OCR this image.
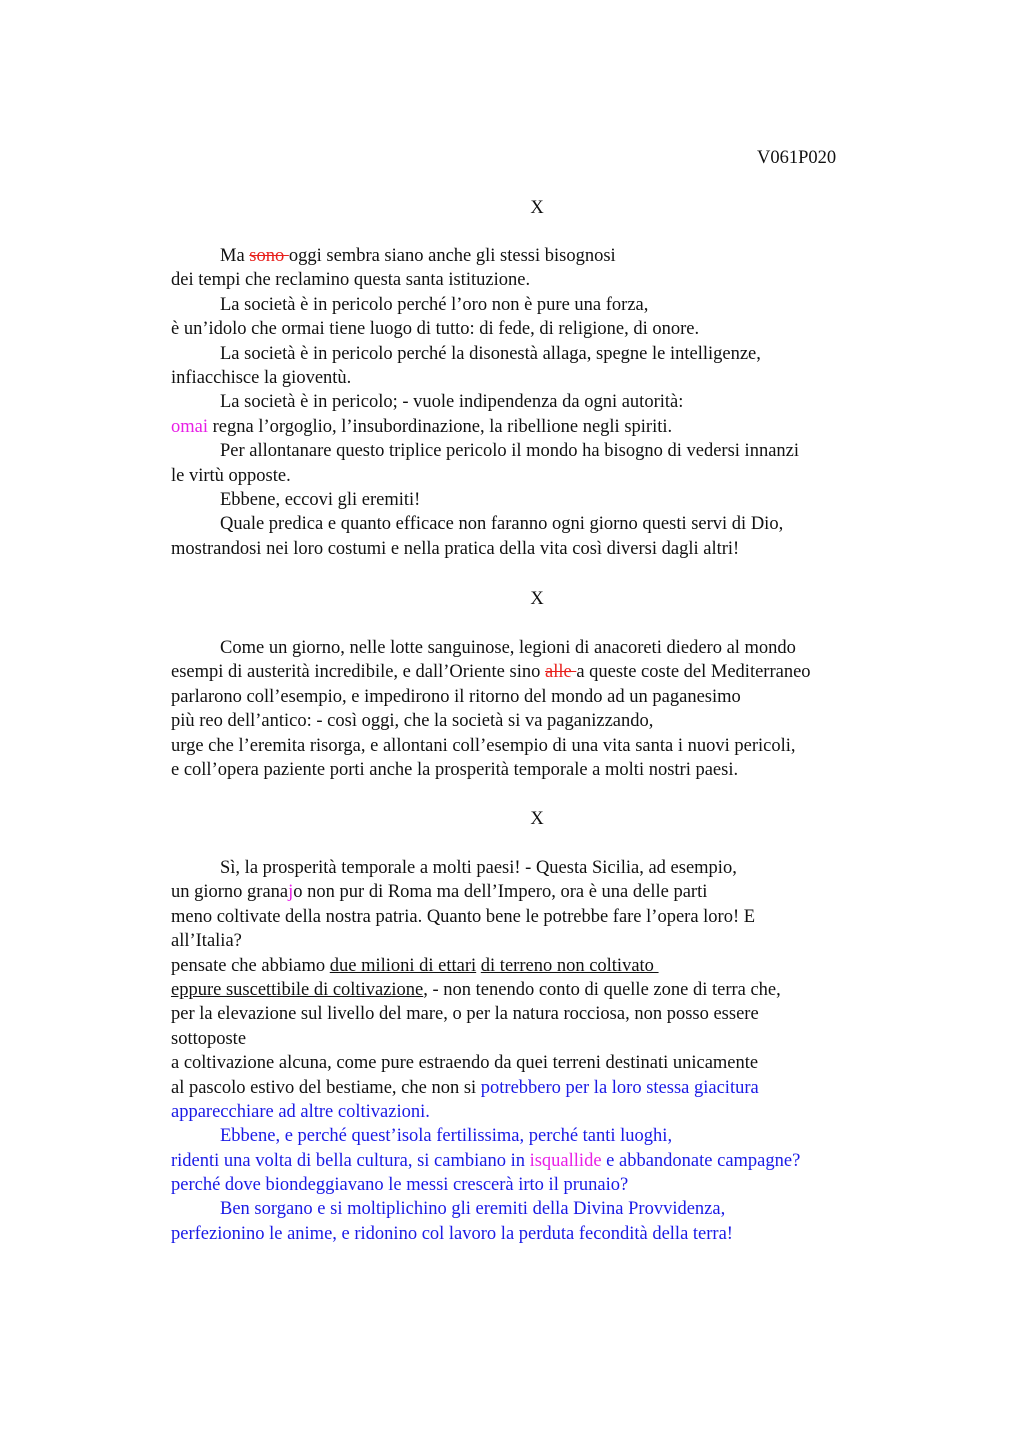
V061P020
X
Ma sono oggi sembra siano anche gli stessi bisognosi
dei tempi che reclamino questa santa istituzione.
La società è in pericolo perché l’oro non è pure una forza,
è un’idolo che ormai tiene luogo di tutto: di fede, di religione, di onore.
La società è in pericolo perché la disonestà allaga, spegne le intelligenze,
infiacchisce la gioventù.
La società è in pericolo; - vuole indipendenza da ogni autorità:
omai regna l’orgoglio, l’insubordinazione, la ribellione negli spiriti.
Per allontanare questo triplice pericolo il mondo ha bisogno di vedersi innanzi
le virtù opposte.
Ebbene, eccovi gli eremiti!
Quale predica e quanto efficace non faranno ogni giorno questi servi di Dio,
mostrandosi nei loro costumi e nella pratica della vita così diversi dagli altri!
X
Come un giorno, nelle lotte sanguinose, legioni di anacoreti diedero al mondo
esempi di austerità incredibile, e dall’Oriente sino alle a queste coste del Mediterraneo
parlarono coll’esempio, e impedirono il ritorno del mondo ad un paganesimo
più reo dell’antico: - così oggi, che la società si va paganizzando,
urge che l’eremita risorga, e allontani coll’esempio di una vita santa i nuovi pericoli,
e coll’opera paziente porti anche la prosperità temporale a molti nostri paesi.
X
Sì, la prosperità temporale a molti paesi! - Questa Sicilia, ad esempio,
un giorno granajo non pur di Roma ma dell’Impero, ora è una delle parti
meno coltivate della nostra patria. Quanto bene le potrebbe fare l’opera loro! E
all’Italia?
pensate che abbiamo due milioni di ettari di terreno non coltivato
eppure suscettibile di coltivazione, - non tenendo conto di quelle zone di terra che,
per la elevazione sul livello del mare, o per la natura rocciosa, non posso essere
sottoposte
a coltivazione alcuna, come pure estraendo da quei terreni destinati unicamente
al pascolo estivo del bestiame, che non si potrebbero per la loro stessa giacitura
apparecchiare ad altre coltivazioni.
Ebbene, e perché quest’isola fertilissima, perché tanti luoghi,
ridenti una volta di bella cultura, si cambiano in isquallide e abbandonate campagne?
perché dove biondeggiavano le messi crescerà irto il prunaio?
Ben sorgano e si moltiplichino gli eremiti della Divina Provvidenza,
perfezionino le anime, e ridonino col lavoro la perduta fecondità della terra!
